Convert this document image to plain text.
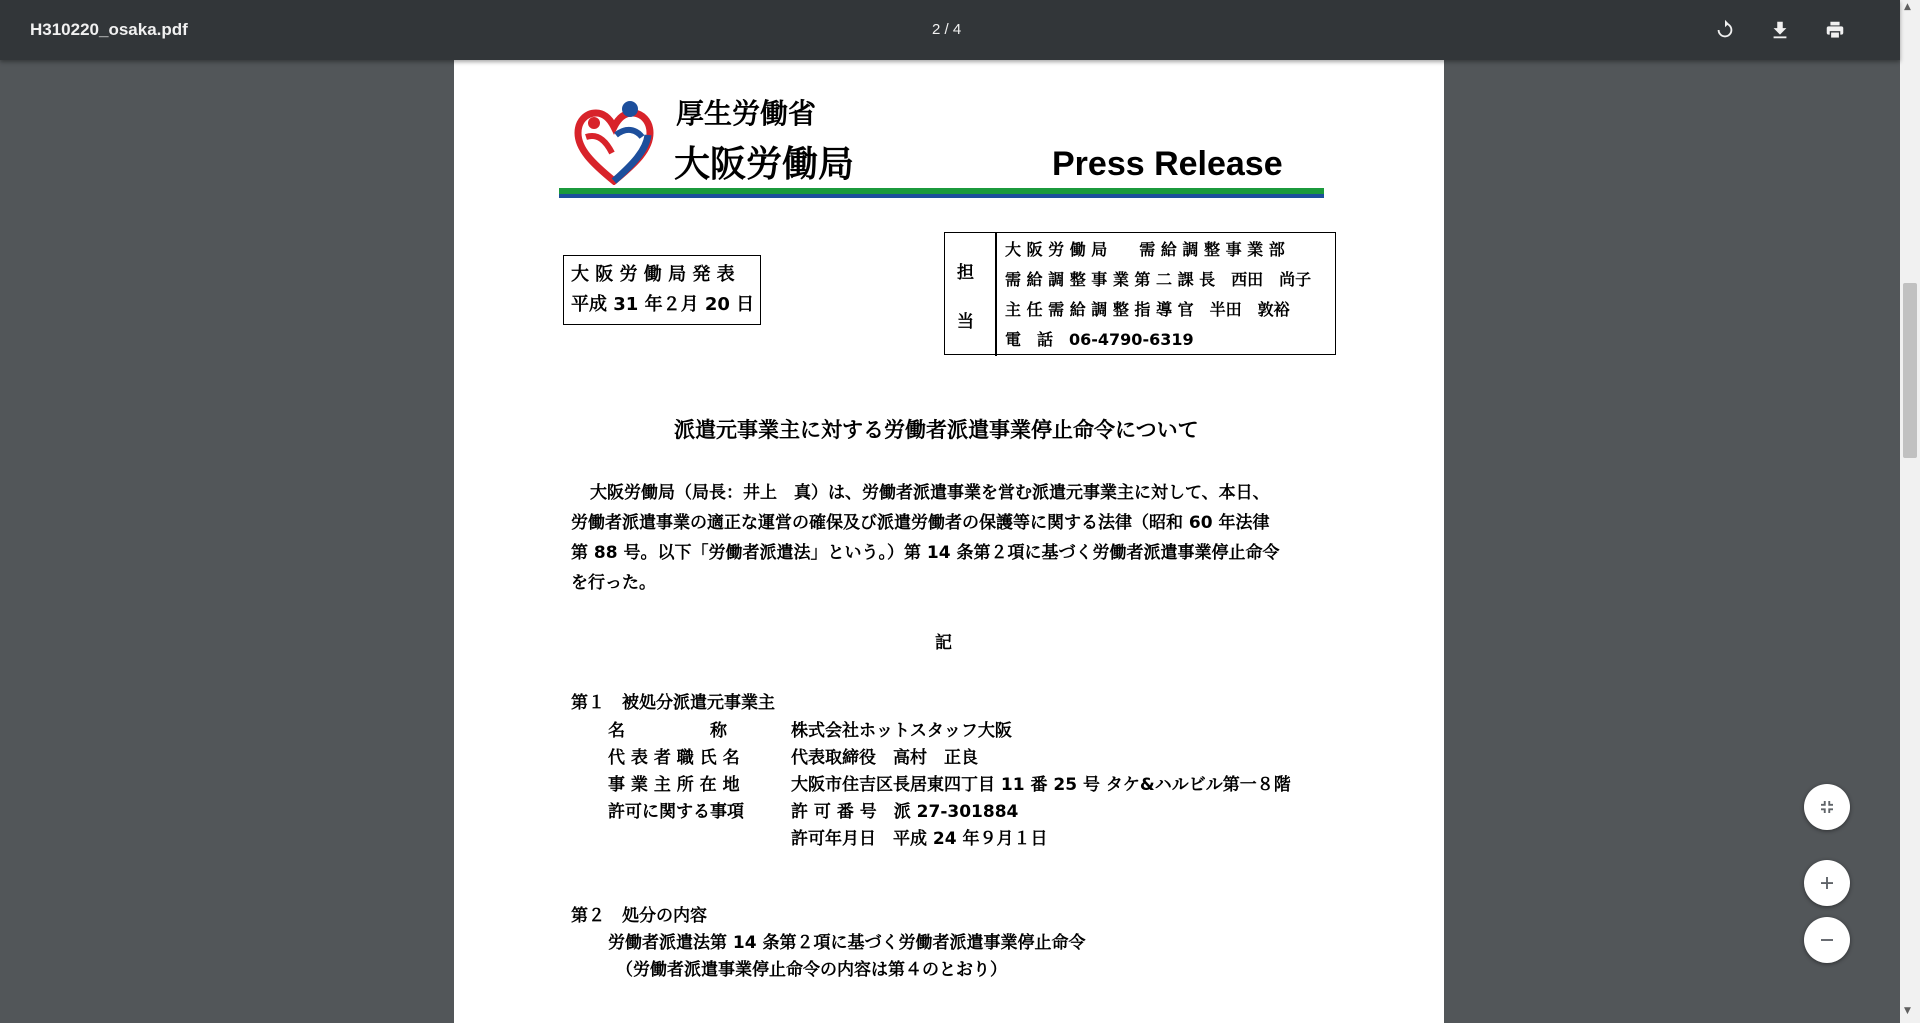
H310220_osaka.pdf	2 / 4
厚生労働省
大阪労働局	Press Release
大 阪 労 働 局 発 表
平成 31 年２月 20 日
担
当
大 阪 労 働 局　　需 給 調 整 事 業 部
需 給 調 整 事 業 第 二 課 長　西田　尚子
主 任 需 給 調 整 指 導 官　半田　敦裕
電　話　06-4790-6319
派遣元事業主に対する労働者派遣事業停止命令について
大阪労働局（局長：井上　真）は、労働者派遣事業を営む派遣元事業主に対して、本日、
労働者派遣事業の適正な運営の確保及び派遣労働者の保護等に関する法律（昭和 60 年法律
第 88 号。以下「労働者派遣法」という。）第 14 条第２項に基づく労働者派遣事業停止命令
を行った。
記
第１　被処分派遣元事業主
名　　　　　称	株式会社ホットスタッフ大阪
代 表 者 職 氏 名	代表取締役　高村　正良
事 業 主 所 在 地	大阪市住吉区長居東四丁目 11 番 25 号 タケ&ハルビル第一８階
許可に関する事項	許 可 番 号　派 27-301884
許可年月日　平成 24 年９月１日
第２　処分の内容
労働者派遣法第 14 条第２項に基づく労働者派遣事業停止命令
（労働者派遣事業停止命令の内容は第４のとおり）
▲
▼
